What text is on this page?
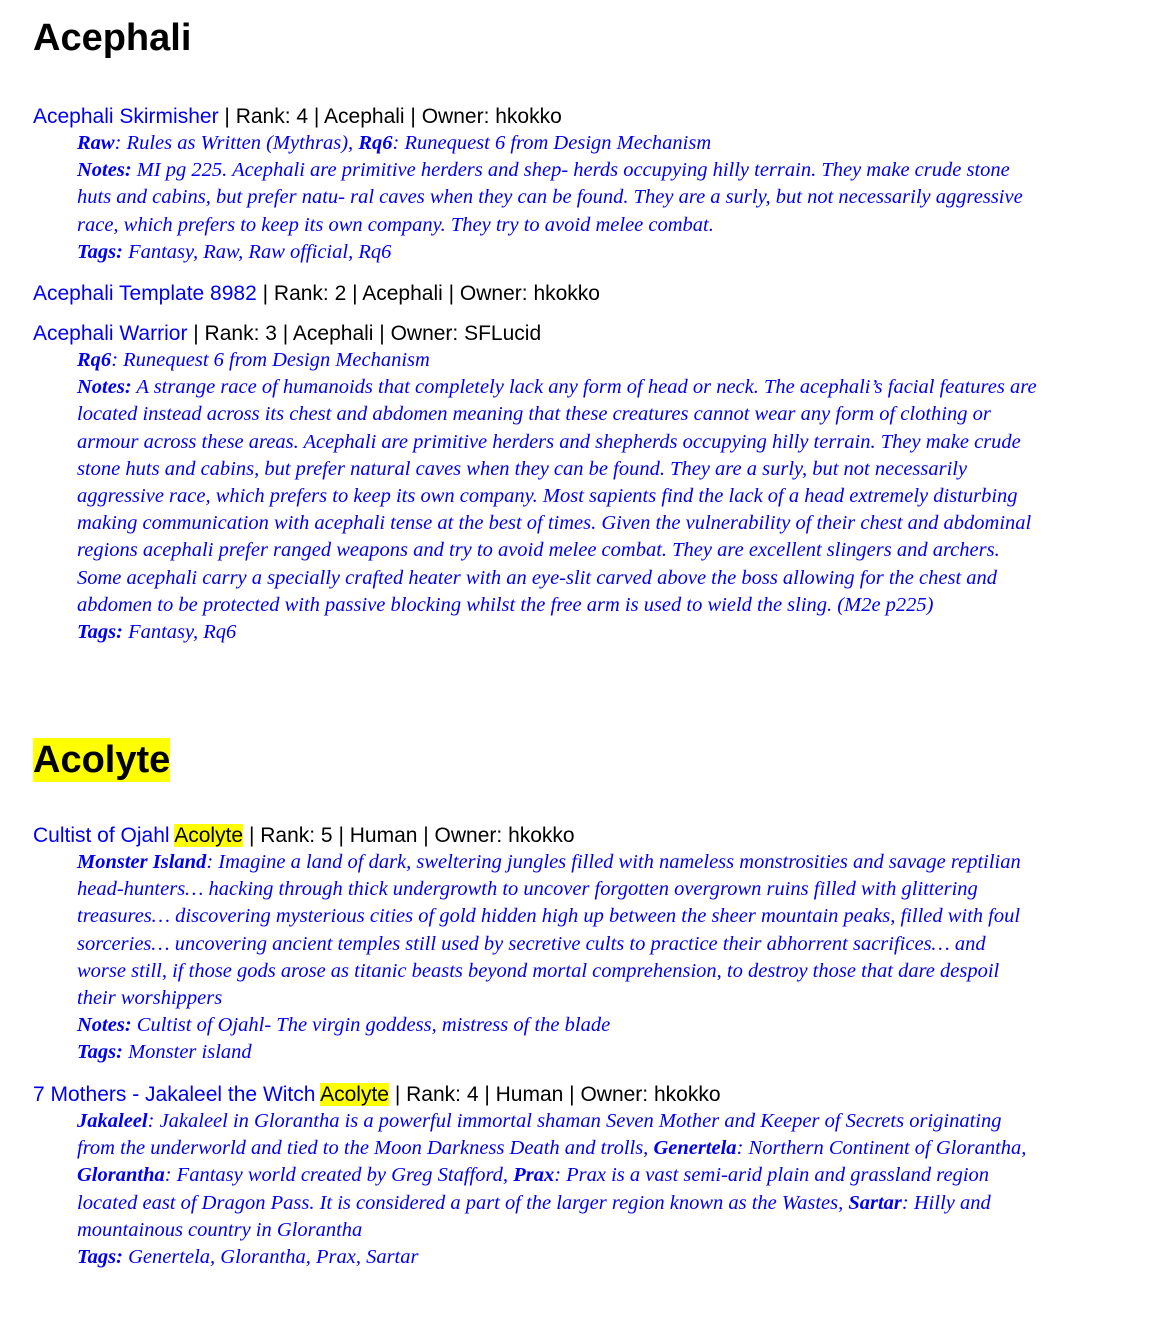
Acephali
Acephali Skirmisher | Rank: 4 | Acephali | Owner: hkokko
Raw: Rules as Written (Mythras), Rq6: Runequest 6 from Design Mechanism
Notes: MI pg 225. Acephali are primitive herders and shep- herds occupying hilly terrain. They make crude stone huts and cabins, but prefer natu- ral caves when they can be found. They are a surly, but not necessarily aggressive race, which prefers to keep its own company. They try to avoid melee combat.
Tags: Fantasy, Raw, Raw official, Rq6
Acephali Template 8982 | Rank: 2 | Acephali | Owner: hkokko
Acephali Warrior | Rank: 3 | Acephali | Owner: SFLucid
Rq6: Runequest 6 from Design Mechanism
Notes: A strange race of humanoids that completely lack any form of head or neck. The acephali’s facial features are located instead across its chest and abdomen meaning that these creatures cannot wear any form of clothing or armour across these areas. Acephali are primitive herders and shepherds occupying hilly terrain. They make crude stone huts and cabins, but prefer natural caves when they can be found. They are a surly, but not necessarily aggressive race, which prefers to keep its own company. Most sapients find the lack of a head extremely disturbing making communication with acephali tense at the best of times. Given the vulnerability of their chest and abdominal regions acephali prefer ranged weapons and try to avoid melee combat. They are excellent slingers and archers. Some acephali carry a specially crafted heater with an eye-slit carved above the boss allowing for the chest and abdomen to be protected with passive blocking whilst the free arm is used to wield the sling. (M2e p225)
Tags: Fantasy, Rq6
Acolyte
Cultist of Ojahl Acolyte | Rank: 5 | Human | Owner: hkokko
Monster Island: Imagine a land of dark, sweltering jungles filled with nameless monstrosities and savage reptilian head-hunters… hacking through thick undergrowth to uncover forgotten overgrown ruins filled with glittering treasures… discovering mysterious cities of gold hidden high up between the sheer mountain peaks, filled with foul sorceries… uncovering ancient temples still used by secretive cults to practice their abhorrent sacrifices… and worse still, if those gods arose as titanic beasts beyond mortal comprehension, to destroy those that dare despoil their worshippers
Notes: Cultist of Ojahl- The virgin goddess, mistress of the blade
Tags: Monster island
7 Mothers - Jakaleel the Witch Acolyte | Rank: 4 | Human | Owner: hkokko
Jakaleel: Jakaleel in Glorantha is a powerful immortal shaman Seven Mother and Keeper of Secrets originating from the underworld and tied to the Moon Darkness Death and trolls, Genertela: Northern Continent of Glorantha, Glorantha: Fantasy world created by Greg Stafford, Prax: Prax is a vast semi-arid plain and grassland region located east of Dragon Pass. It is considered a part of the larger region known as the Wastes, Sartar: Hilly and mountainous country in Glorantha
Tags: Genertela, Glorantha, Prax, Sartar
